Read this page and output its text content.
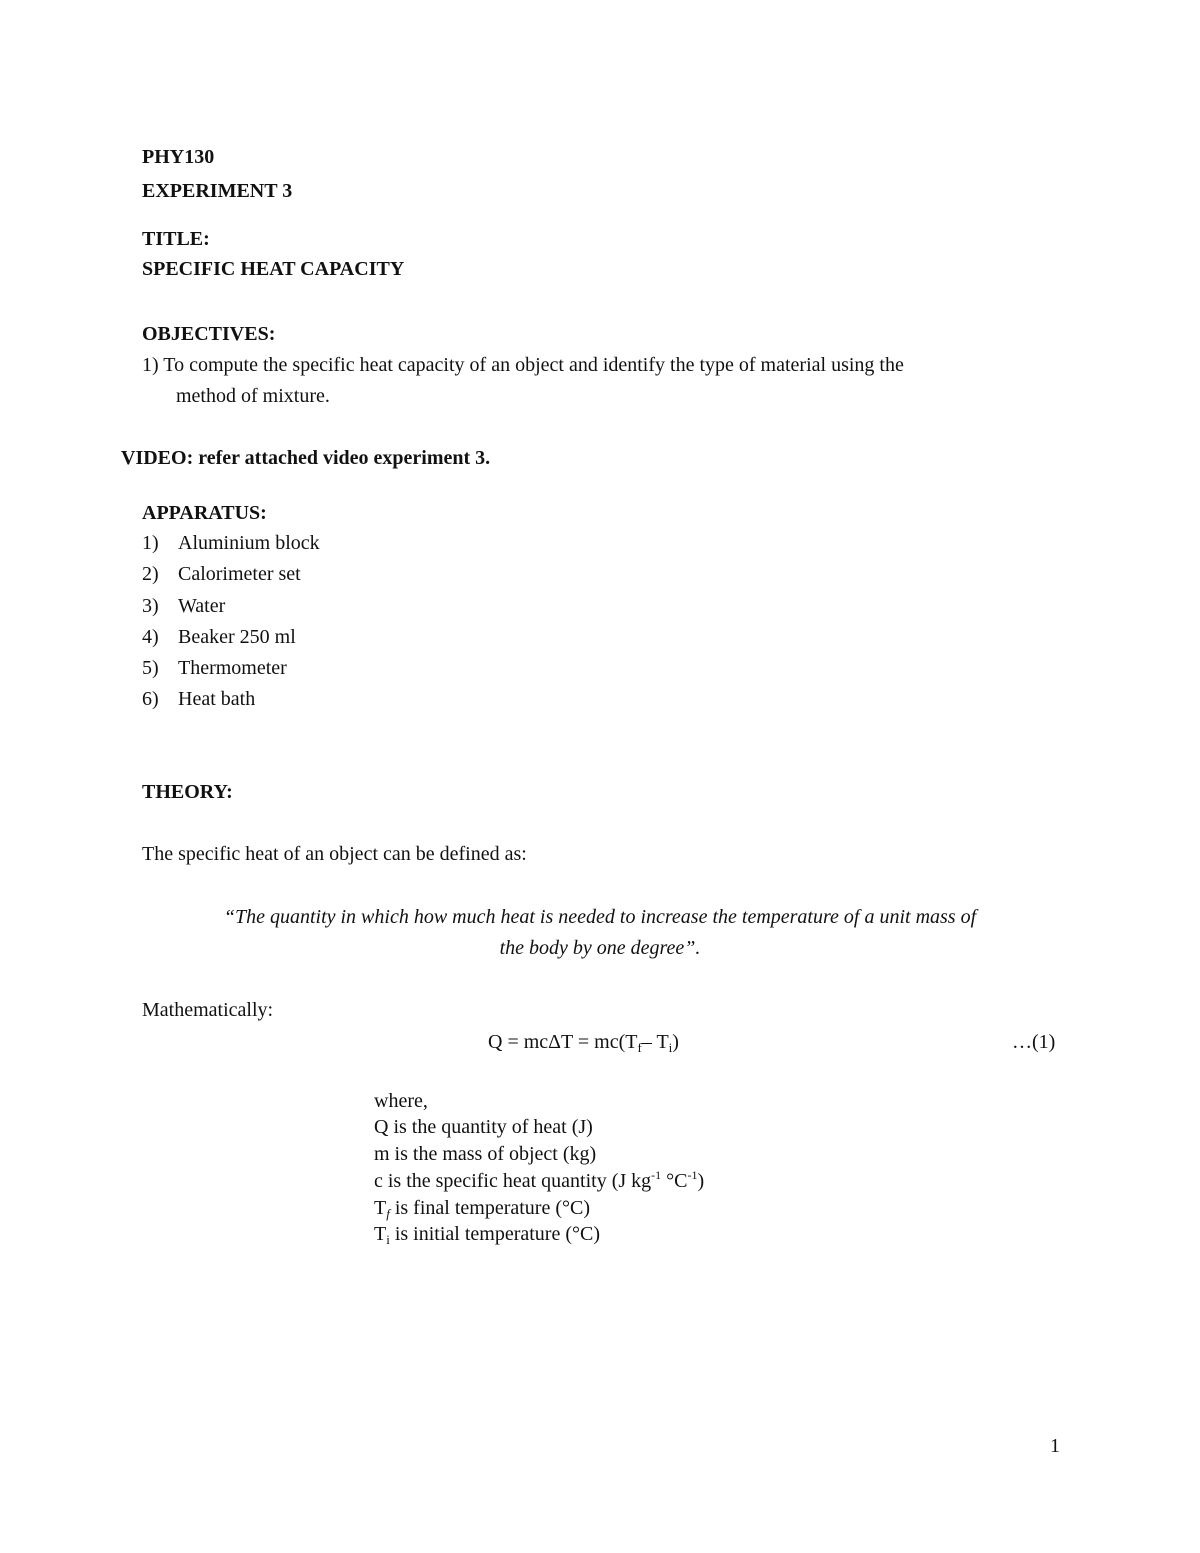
PHY130
EXPERIMENT 3
TITLE:
SPECIFIC HEAT CAPACITY
OBJECTIVES:
1) To compute the specific heat capacity of an object and identify the type of material using the
method of mixture.
VIDEO: refer attached video experiment 3.
APPARATUS:
1) Aluminium block
2) Calorimeter set
3) Water
4) Beaker 250 ml
5) Thermometer
6) Heat bath
THEORY:
The specific heat of an object can be defined as:
“The quantity in which how much heat is needed to increase the temperature of a unit mass of
the body by one degree”.
Mathematically:
$Q = mc\Delta T = mc(T_f-$ $T_i$)	…(1)
where,
Q is the quantity of heat (J)
m is the mass of object (kg)
c is the specific heat quantity (J $kg^{-1}$ $^\circ C^{-1}$)
$T_f$ is final temperature (°C)
$T_i$ is initial temperature (°C)
1
